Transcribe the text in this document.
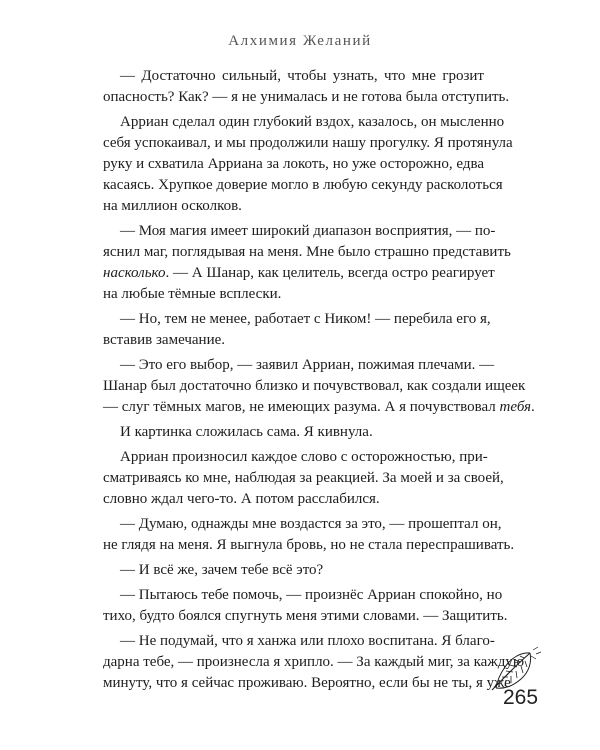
Алхимия Желаний

— Достаточно сильный, чтобы узнать, что мне грозит
опасность? Как? — я не унималась и не готова была отступить.

Арриан сделал один глубокий вздох, казалось, он мысленно
себя успокаивал, и мы продолжили нашу прогулку. Я протянула
руку и схватила Арриана за локоть, но уже осторожно, едва
касаясь. Хрупкое доверие могло в любую секунду расколоться
на миллион осколков.

— Моя магия имеет широкий диапазон восприятия, — по-
яснил маг, поглядывая на меня. Мне было страшно представить
насколько. — А Шанар, как целитель, всегда остро реагирует
на любые тёмные всплески.

— Но, тем не менее, работает с Ником! — перебила его я,
вставив замечание.

— Это его выбор, — заявил Арриан, пожимая плечами. —
Шанар был достаточно близко и почувствовал, как создали ищеек
— слуг тёмных магов, не имеющих разума. А я почувствовал тебя.

И картинка сложилась сама. Я кивнула.

Арриан произносил каждое слово с осторожностью, при-
сматриваясь ко мне, наблюдая за реакцией. За моей и за своей,
словно ждал чего-то. А потом расслабился.

— Думаю, однажды мне воздастся за это, — прошептал он,
не глядя на меня. Я выгнула бровь, но не стала переспрашивать.

— И всё же, зачем тебе всё это?

— Пытаюсь тебе помочь, — произнёс Арриан спокойно, но
тихо, будто боялся спугнуть меня этими словами. — Защитить.

— Не подумай, что я ханжа или плохо воспитана. Я благо-
дарна тебе, — произнесла я хрипло. — За каждый миг, за каждую
минуту, что я сейчас проживаю. Вероятно, если бы не ты, я уже

265
